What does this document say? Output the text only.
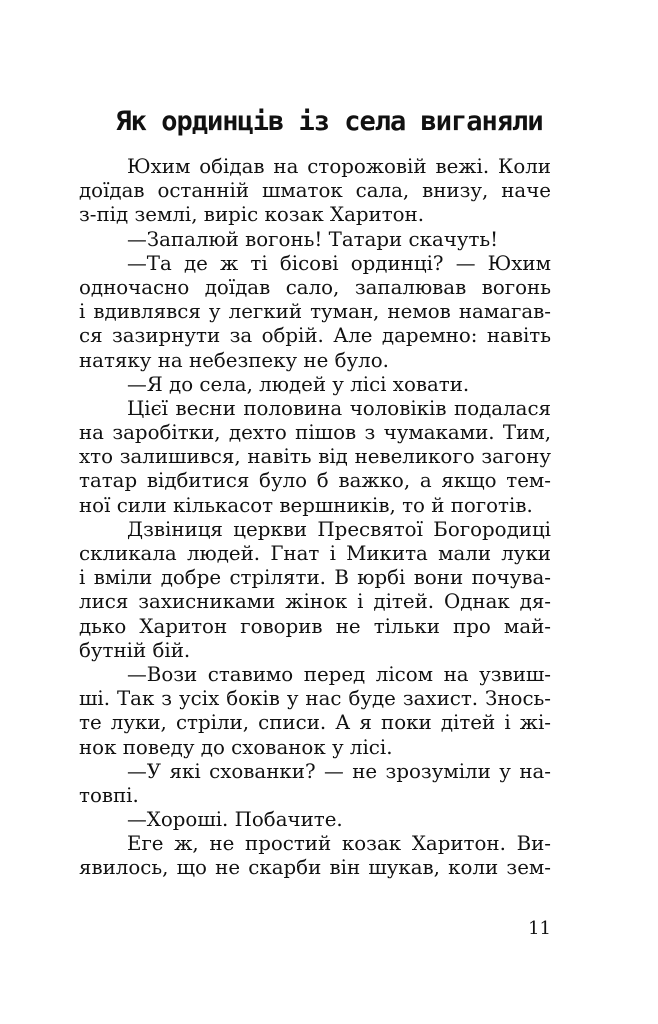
Як ординців із села виганяли
Юхим обідав на сторожовій вежі. Коли
доїдав останній шматок сала, внизу, наче
з-під землі, виріс козак Харитон.
—Запалюй вогонь! Татари скачуть!
—Та де ж ті бісові ординці? — Юхим
одночасно доїдав сало, запалював вогонь
і вдивлявся у легкий туман, немов намагав-
ся зазирнути за обрій. Але даремно: навіть
натяку на небезпеку не було.
—Я до села, людей у лісі ховати.
Цієї весни половина чоловіків подалася
на заробітки, дехто пішов з чумаками. Тим,
хто залишився, навіть від невеликого загону
татар відбитися було б важко, а якщо тем-
ної сили кількасот вершників, то й поготів.
Дзвіниця церкви Пресвятої Богородиці
скликала людей. Гнат і Микита мали луки
і вміли добре стріляти. В юрбі вони почува-
лися захисниками жінок і дітей. Однак дя-
дько Харитон говорив не тільки про май-
бутній бій.
—Вози ставимо перед лісом на узвиш-
ші. Так з усіх боків у нас буде захист. Знось-
те луки, стріли, списи. А я поки дітей і жі-
нок поведу до схованок у лісі.
—У які схованки? — не зрозуміли у на-
товпі.
—Хороші. Побачите.
Еге ж, не простий козак Харитон. Ви-
явилось, що не скарби він шукав, коли зем-
11
